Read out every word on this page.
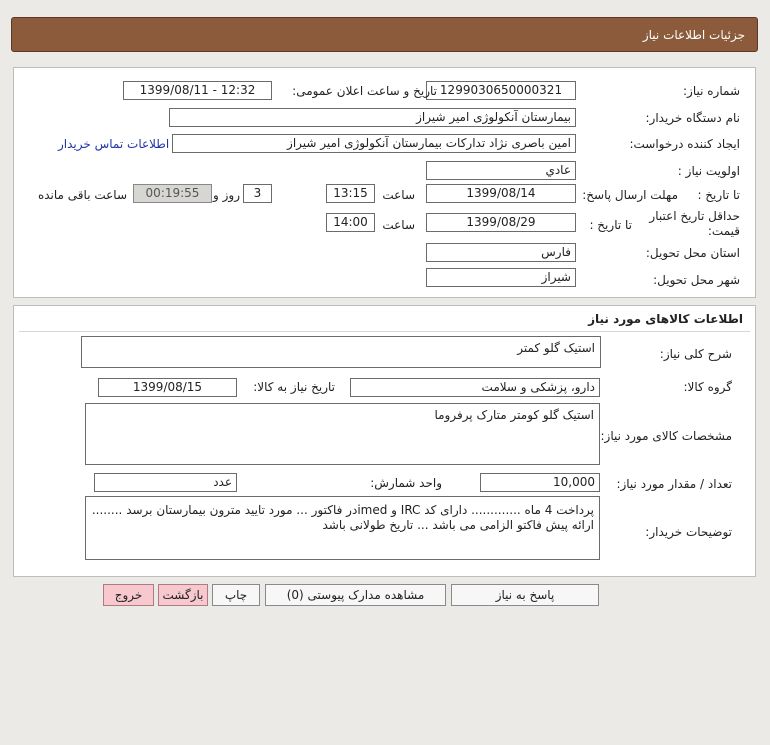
جزئيات اطلاعات نياز
شماره نياز:
1299030650000321
تاريخ و ساعت اعلان عمومی:
1399/08/11 - 12:32
نام دستگاه خريدار:
بيمارستان آنکولوژی امير شيراز
ايجاد کننده درخواست:
امين باصری نژاد تدارکات بيمارستان آنکولوژی امير شيراز
اطلاعات تماس خريدار
اولويت نياز :
عادي
مهلت ارسال پاسخ: تا تاريخ :
1399/08/14
ساعت
13:15
3
روز و
00:19:55
ساعت باقی مانده
حداقل تاريخ اعتبار
قيمت:
تا تاريخ :
1399/08/29
ساعت
14:00
استان محل تحويل:
فارس
شهر محل تحويل:
شيراز
اطلاعات کالاهای مورد نياز
شرح کلی نياز:
استيک گلو کمتر
گروه کالا:
دارو، پزشکی و سلامت
تاريخ نياز به کالا:
1399/08/15
مشخصات کالای مورد نياز:
استيک گلو کومتر متارک پرفروما
تعداد / مقدار مورد نياز:
10,000
واحد شمارش:
عدد
توضيحات خريدار:
پرداخت 4 ماه ............. دارای کد IRC و imedدر فاکتور ... مورد تاييد مترون بيمارستان برسد ........
ارائه پيش فاکتو الزامی می باشد ... تاريخ طولانی باشد
پاسخ به نياز
مشاهده مدارک پيوستی (0)
چاپ
بازگشت
خروج
